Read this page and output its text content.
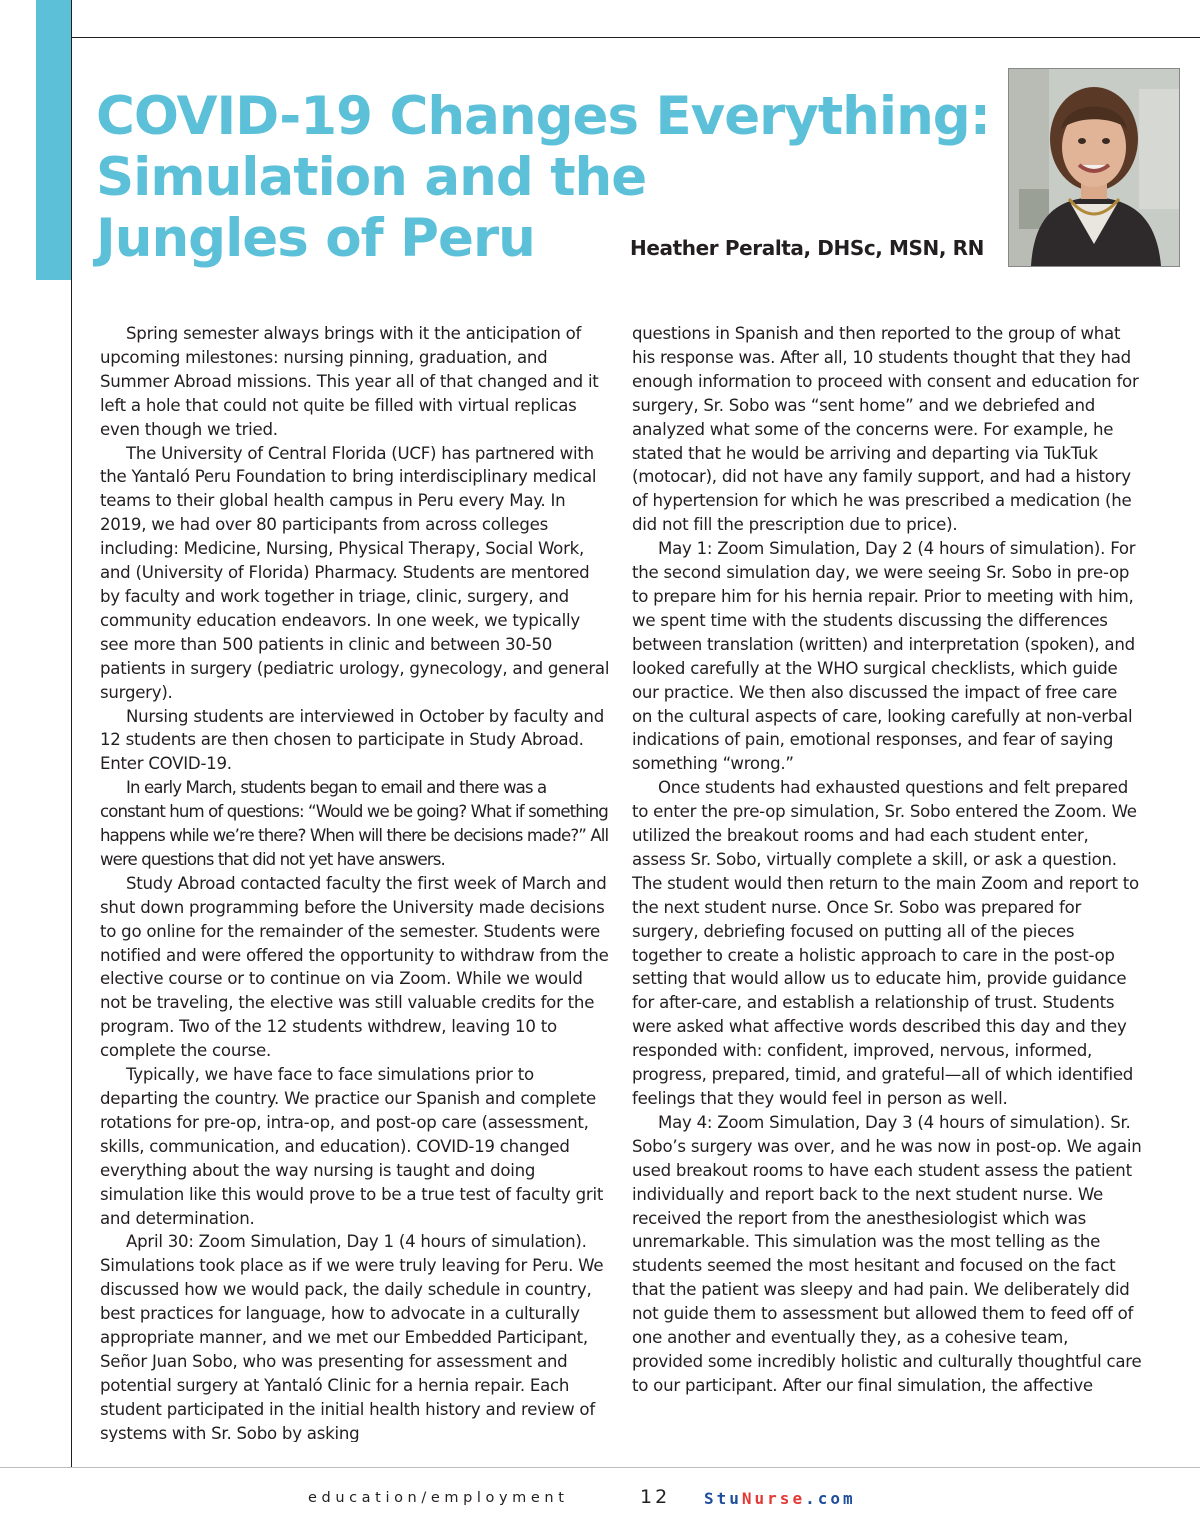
COVID-19 Changes Everything:
Simulation and the
Jungles of Peru	Heather Peralta, DHSc, MSN, RN

Spring semester always brings with it the anticipation of upcoming milestones: nursing pinning, graduation, and Summer Abroad missions. This year all of that changed and it left a hole that could not quite be filled with virtual replicas even though we tried.

The University of Central Florida (UCF) has partnered with the Yantaló Peru Foundation to bring interdisciplinary medical teams to their global health campus in Peru every May. In 2019, we had over 80 participants from across colleges including: Medicine, Nursing, Physical Therapy, Social Work, and (University of Florida) Pharmacy. Students are mentored by faculty and work together in triage, clinic, surgery, and community education endeavors. In one week, we typically see more than 500 patients in clinic and between 30-50 patients in surgery (pediatric urology, gynecology, and general surgery).

Nursing students are interviewed in October by faculty and 12 students are then chosen to participate in Study Abroad. Enter COVID-19.

In early March, students began to email and there was a constant hum of questions: “Would we be going? What if something happens while we’re there? When will there be decisions made?” All were questions that did not yet have answers.

Study Abroad contacted faculty the first week of March and shut down programming before the University made decisions to go online for the remainder of the semester. Students were notified and were offered the opportunity to withdraw from the elective course or to continue on via Zoom. While we would not be traveling, the elective was still valuable credits for the program. Two of the 12 students withdrew, leaving 10 to complete the course.

Typically, we have face to face simulations prior to departing the country. We practice our Spanish and complete rotations for pre-op, intra-op, and post-op care (assessment, skills, communication, and education). COVID-19 changed everything about the way nursing is taught and doing simulation like this would prove to be a true test of faculty grit and determination.

April 30: Zoom Simulation, Day 1 (4 hours of simulation). Simulations took place as if we were truly leaving for Peru. We discussed how we would pack, the daily schedule in country, best practices for language, how to advocate in a culturally appropriate manner, and we met our Embedded Participant, Señor Juan Sobo, who was presenting for assessment and potential surgery at Yantaló Clinic for a hernia repair. Each student participated in the initial health history and review of systems with Sr. Sobo by asking

questions in Spanish and then reported to the group of what his response was. After all, 10 students thought that they had enough information to proceed with consent and education for surgery, Sr. Sobo was “sent home” and we debriefed and analyzed what some of the concerns were. For example, he stated that he would be arriving and departing via TukTuk (motocar), did not have any family support, and had a history of hypertension for which he was prescribed a medication (he did not fill the prescription due to price).

May 1: Zoom Simulation, Day 2 (4 hours of simulation). For the second simulation day, we were seeing Sr. Sobo in pre-op to prepare him for his hernia repair. Prior to meeting with him, we spent time with the students discussing the differences between translation (written) and interpretation (spoken), and looked carefully at the WHO surgical checklists, which guide our practice. We then also discussed the impact of free care on the cultural aspects of care, looking carefully at non-verbal indications of pain, emotional responses, and fear of saying something “wrong.”

Once students had exhausted questions and felt prepared to enter the pre-op simulation, Sr. Sobo entered the Zoom. We utilized the breakout rooms and had each student enter, assess Sr. Sobo, virtually complete a skill, or ask a question. The student would then return to the main Zoom and report to the next student nurse. Once Sr. Sobo was prepared for surgery, debriefing focused on putting all of the pieces together to create a holistic approach to care in the post-op setting that would allow us to educate him, provide guidance for after-care, and establish a relationship of trust. Students were asked what affective words described this day and they responded with: confident, improved, nervous, informed, progress, prepared, timid, and grateful—all of which identified feelings that they would feel in person as well.

May 4: Zoom Simulation, Day 3 (4 hours of simulation). Sr. Sobo’s surgery was over, and he was now in post-op. We again used breakout rooms to have each student assess the patient individually and report back to the next student nurse. We received the report from the anesthesiologist which was unremarkable. This simulation was the most telling as the students seemed the most hesitant and focused on the fact that the patient was sleepy and had pain. We deliberately did not guide them to assessment but allowed them to feed off of one another and eventually they, as a cohesive team, provided some incredibly holistic and culturally thoughtful care to our participant. After our final simulation, the affective

education/employment	12 StuNurse.com
